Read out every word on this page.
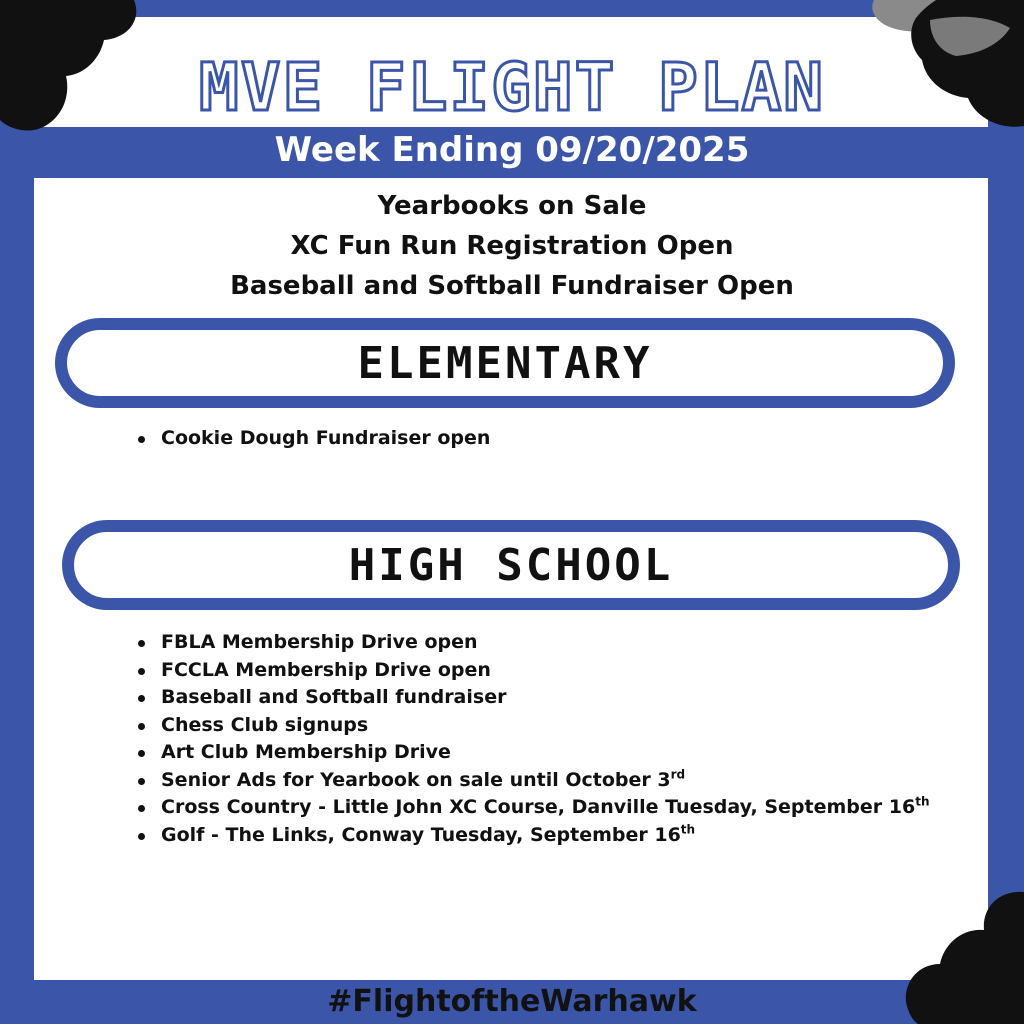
MVE FLIGHT PLAN
Week Ending 09/20/2025
Yearbooks on Sale
XC Fun Run Registration Open
Baseball and Softball Fundraiser Open
ELEMENTARY
Cookie Dough Fundraiser open
HIGH SCHOOL
FBLA Membership Drive open
FCCLA Membership Drive open
Baseball and Softball fundraiser
Chess Club signups
Art Club Membership Drive
Senior Ads for Yearbook on sale until October 3rd
Cross Country - Little John XC Course, Danville Tuesday, September 16th
Golf - The Links, Conway Tuesday, September 16th
#FlightoftheWarhawk
